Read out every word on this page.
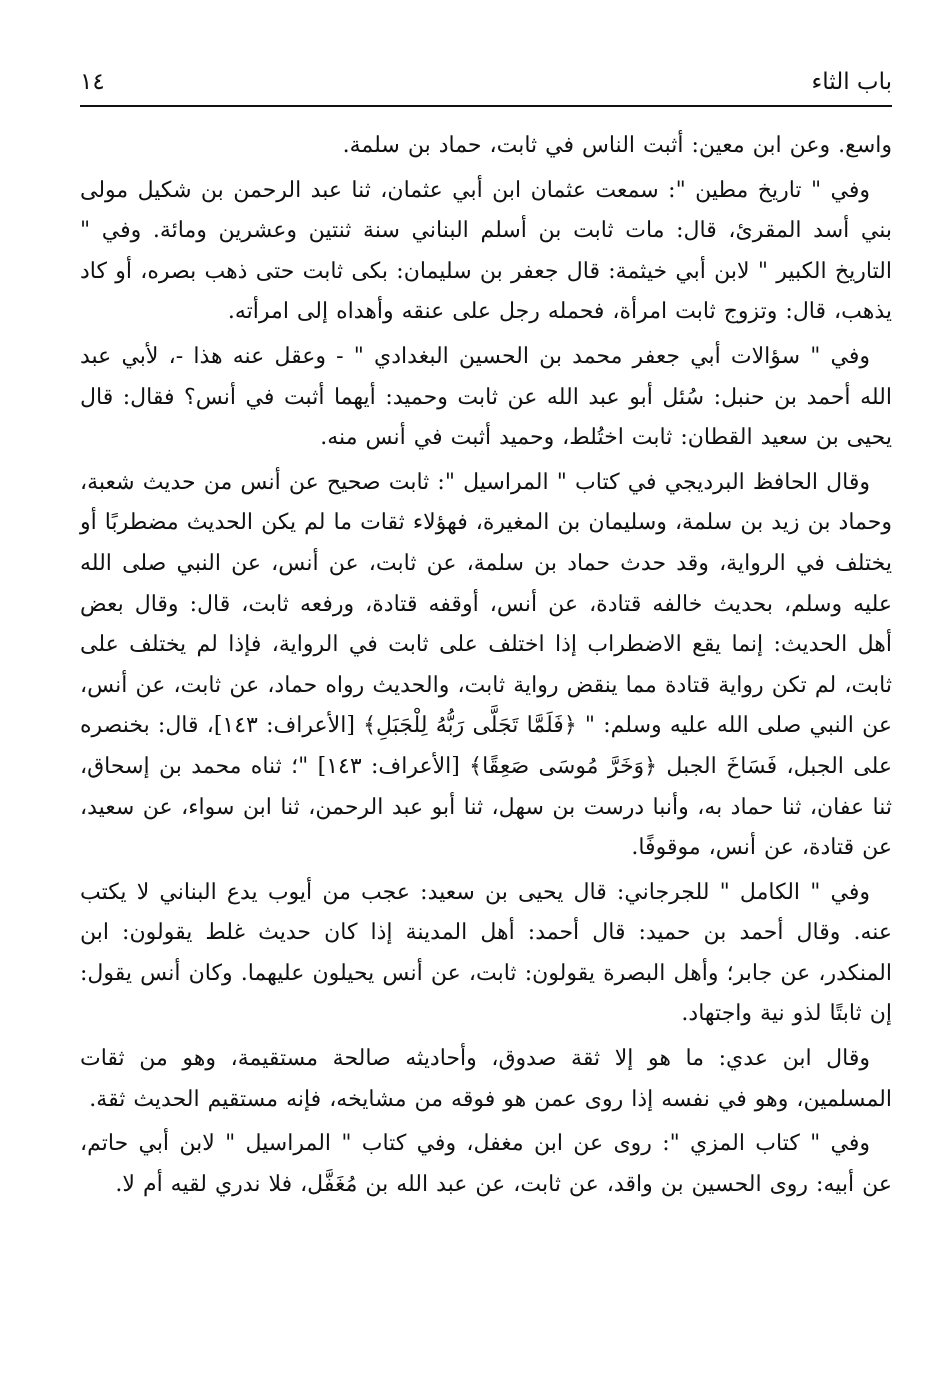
باب الثاء
١٤

واسع. وعن ابن معين: أثبت الناس في ثابت، حماد بن سلمة.

وفي " تاريخ مطين ": سمعت عثمان ابن أبي عثمان، ثنا عبد الرحمن بن شكيل مولى بني أسد المقرئ، قال: مات ثابت بن أسلم البناني سنة ثنتين وعشرين ومائة. وفي " التاريخ الكبير " لابن أبي خيثمة: قال جعفر بن سليمان: بكى ثابت حتى ذهب بصره، أو كاد يذهب، قال: وتزوج ثابت امرأة، فحمله رجل على عنقه وأهداه إلى امرأته.

وفي " سؤالات أبي جعفر محمد بن الحسين البغدادي " - وعقل عنه هذا -، لأبي عبد الله أحمد بن حنبل: سُئل أبو عبد الله عن ثابت وحميد: أيهما أثبت في أنس؟ فقال: قال يحيى بن سعيد القطان: ثابت اختُلط، وحميد أثبت في أنس منه.

وقال الحافظ البرديجي في كتاب " المراسيل ": ثابت صحيح عن أنس من حديث شعبة، وحماد بن زيد بن سلمة، وسليمان بن المغيرة، فهؤلاء ثقات ما لم يكن الحديث مضطربًا أو يختلف في الرواية، وقد حدث حماد بن سلمة، عن ثابت، عن أنس، عن النبي صلى الله عليه وسلم، بحديث خالفه قتادة، عن أنس، أوقفه قتادة، ورفعه ثابت، قال: وقال بعض أهل الحديث: إنما يقع الاضطراب إذا اختلف على ثابت في الرواية، فإذا لم يختلف على ثابت، لم تكن رواية قتادة مما ينقض رواية ثابت، والحديث رواه حماد، عن ثابت، عن أنس، عن النبي صلى الله عليه وسلم: " ﴿فَلَمَّا تَجَلَّى رَبُّهُ لِلْجَبَلِ﴾ [الأعراف: ١٤٣]، قال: بخنصره على الجبل، فَسَاخَ الجبل ﴿وَخَرَّ مُوسَى صَعِقًا﴾ [الأعراف: ١٤٣] "؛ ثناه محمد بن إسحاق، ثنا عفان، ثنا حماد به، وأنبا درست بن سهل، ثنا أبو عبد الرحمن، ثنا ابن سواء، عن سعيد، عن قتادة، عن أنس، موقوفًا.

وفي " الكامل " للجرجاني: قال يحيى بن سعيد: عجب من أيوب يدع البناني لا يكتب عنه. وقال أحمد بن حميد: قال أحمد: أهل المدينة إذا كان حديث غلط يقولون: ابن المنكدر، عن جابر؛ وأهل البصرة يقولون: ثابت، عن أنس يحيلون عليهما. وكان أنس يقول: إن ثابتًا لذو نية واجتهاد.

وقال ابن عدي: ما هو إلا ثقة صدوق، وأحاديثه صالحة مستقيمة، وهو من ثقات المسلمين، وهو في نفسه إذا روى عمن هو فوقه من مشايخه، فإنه مستقيم الحديث ثقة.

وفي " كتاب المزي ": روى عن ابن مغفل، وفي كتاب " المراسيل " لابن أبي حاتم، عن أبيه: روى الحسين بن واقد، عن ثابت، عن عبد الله بن مُغَفَّل، فلا ندري لقيه أم لا.
